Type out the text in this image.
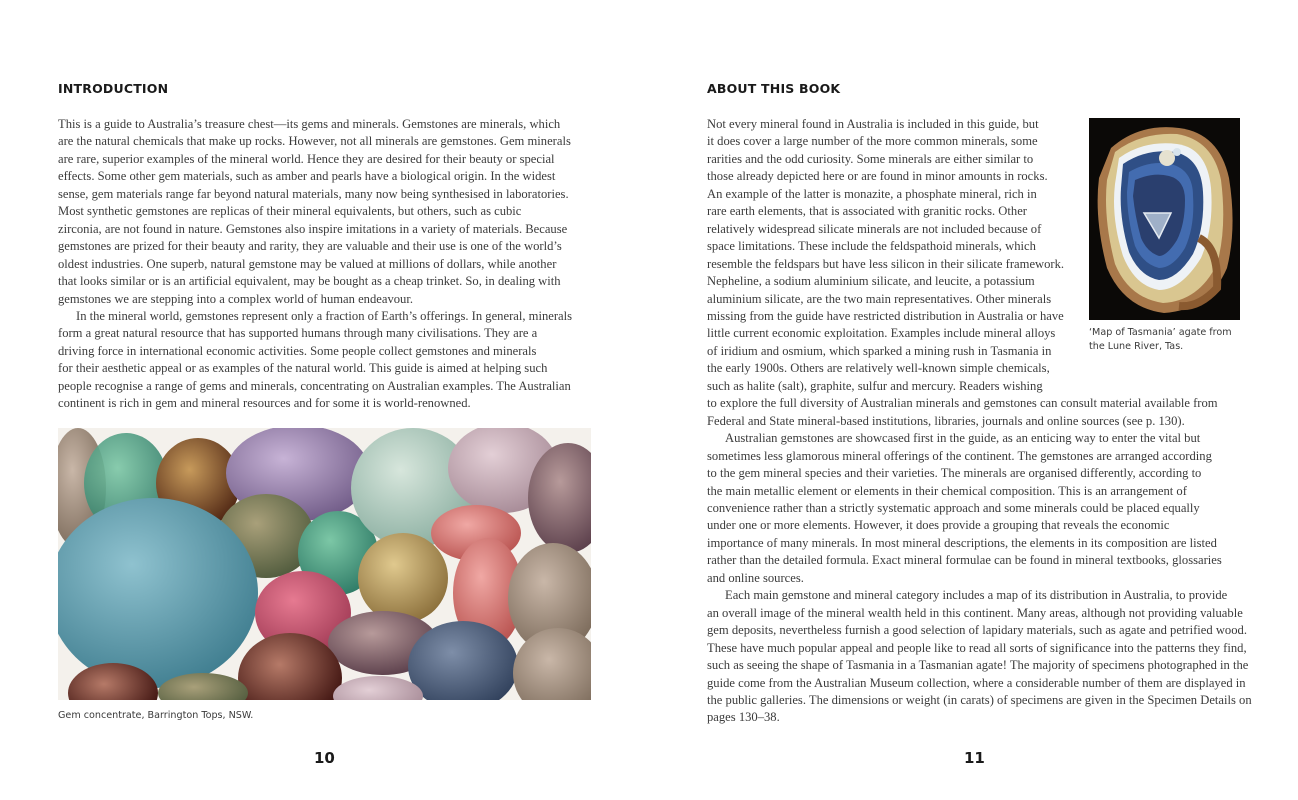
INTRODUCTION
This is a guide to Australia’s treasure chest—its gems and minerals. Gemstones are minerals, which
are the natural chemicals that make up rocks. However, not all minerals are gemstones. Gem minerals
are rare, superior examples of the mineral world. Hence they are desired for their beauty or special
effects. Some other gem materials, such as amber and pearls have a biological origin. In the widest
sense, gem materials range far beyond natural materials, many now being synthesised in laboratories.
Most synthetic gemstones are replicas of their mineral equivalents, but others, such as cubic
zirconia, are not found in nature. Gemstones also inspire imitations in a variety of materials. Because
gemstones are prized for their beauty and rarity, they are valuable and their use is one of the world’s
oldest industries. One superb, natural gemstone may be valued at millions of dollars, while another
that looks similar or is an artificial equivalent, may be bought as a cheap trinket. So, in dealing with
gemstones we are stepping into a complex world of human endeavour.
In the mineral world, gemstones represent only a fraction of Earth’s offerings. In general, minerals
form a great natural resource that has supported humans through many civilisations. They are a
driving force in international economic activities. Some people collect gemstones and minerals
for their aesthetic appeal or as examples of the natural world. This guide is aimed at helping such
people recognise a range of gems and minerals, concentrating on Australian examples. The Australian
continent is rich in gem and mineral resources and for some it is world-renowned.
Gem concentrate, Barrington Tops, NSW.
10
ABOUT THIS BOOK
Not every mineral found in Australia is included in this guide, but
it does cover a large number of the more common minerals, some
rarities and the odd curiosity. Some minerals are either similar to
those already depicted here or are found in minor amounts in rocks.
An example of the latter is monazite, a phosphate mineral, rich in
rare earth elements, that is associated with granitic rocks. Other
relatively widespread silicate minerals are not included because of
space limitations. These include the feldspathoid minerals, which
resemble the feldspars but have less silicon in their silicate framework.
Nepheline, a sodium aluminium silicate, and leucite, a potassium
aluminium silicate, are the two main representatives. Other minerals
missing from the guide have restricted distribution in Australia or have
little current economic exploitation. Examples include mineral alloys
of iridium and osmium, which sparked a mining rush in Tasmania in
the early 1900s. Others are relatively well-known simple chemicals,
such as halite (salt), graphite, sulfur and mercury. Readers wishing
to explore the full diversity of Australian minerals and gemstones can consult material available from
Federal and State mineral-based institutions, libraries, journals and online sources (see p. 130).
Australian gemstones are showcased first in the guide, as an enticing way to enter the vital but
sometimes less glamorous mineral offerings of the continent. The gemstones are arranged according
to the gem mineral species and their varieties. The minerals are organised differently, according to
the main metallic element or elements in their chemical composition. This is an arrangement of
convenience rather than a strictly systematic approach and some minerals could be placed equally
under one or more elements. However, it does provide a grouping that reveals the economic
importance of many minerals. In most mineral descriptions, the elements in its composition are listed
rather than the detailed formula. Exact mineral formulae can be found in mineral textbooks, glossaries
and online sources.
Each main gemstone and mineral category includes a map of its distribution in Australia, to provide
an overall image of the mineral wealth held in this continent. Many areas, although not providing valuable
gem deposits, nevertheless furnish a good selection of lapidary materials, such as agate and petrified wood.
These have much popular appeal and people like to read all sorts of significance into the patterns they find,
such as seeing the shape of Tasmania in a Tasmanian agate! The majority of specimens photographed in the
guide come from the Australian Museum collection, where a considerable number of them are displayed in
the public galleries. The dimensions or weight (in carats) of specimens are given in the Specimen Details on
pages 130–38.
‘Map of Tasmania’ agate from
the Lune River, Tas.
11
